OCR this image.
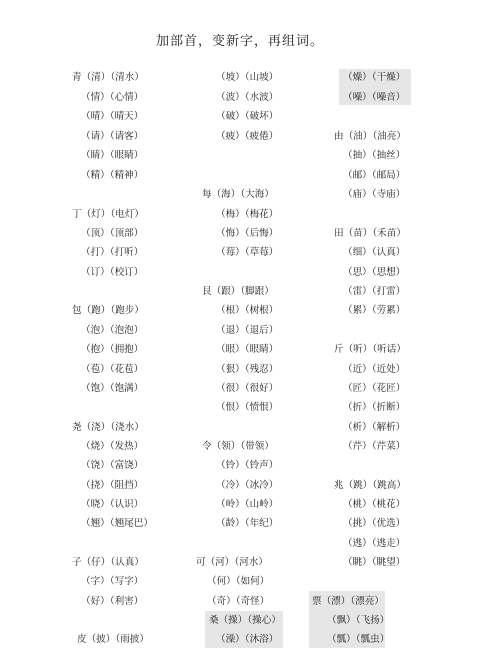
加部首，变新字，再组词。
青（清）（清水）
（情）（心情）
（晴）（晴天）
（请）（请客）
（睛）（眼睛）
（精）（精神）
丁（灯）（电灯）
（顶）（顶部）
（打）（打听）
（订）（校订）
包（跑）（跑步）
（泡）（泡泡）
（抱）（拥抱）
（苞）（花苞）
（饱）（饱满）
尧（浇）（浇水）
（烧）（发热）
（饶）（富饶）
（挠）（阻挡）
（晓）（认识）
（翘）（翘尾巴）
子（仔）（认真）
（字）（写字）
（好）（利害）
皮（披）（雨披）
（坡）（山坡）
（波）（水波）
（破）（破坏）
（疲）（疲倦）
每（海）（大海）
（梅）（梅花）
（悔）（后悔）
（莓）（草莓）
艮（跟）（脚跟）
（根）（树根）
（退）（退后）
（眼）（眼睛）
（狠）（残忍）
（很）（很好）
（恨）（愤恨）
令（领）（带领）
（铃）（铃声）
（冷）（冰冷）
（岭）（山岭）
（龄）（年纪）
可（河）（河水）
（何）（如何）
（奇）（奇怪）
桑（操）（操心）
（澡）（沐浴）
（燥）（干燥）
（噪）（噪音）
由（油）（油亮）
（抽）（抽丝）
（邮）（邮局）
（庙）（寺庙）
田（苗）（禾苗）
（细）（认真）
（思）（思想）
（雷）（打雷）
（累）（劳累）
斤（听）（听话）
（近）（近处）
（匠）（花匠）
（折）（折断）
（析）（解析）
（芹）（芹菜）
兆（跳）（跳高）
（桃）（桃花）
（挑）（优选）
（逃）（逃走）
（眺）（眺望）
票（漂）（漂亮）
（飘）（飞扬）
（瓢）（瓢虫）
